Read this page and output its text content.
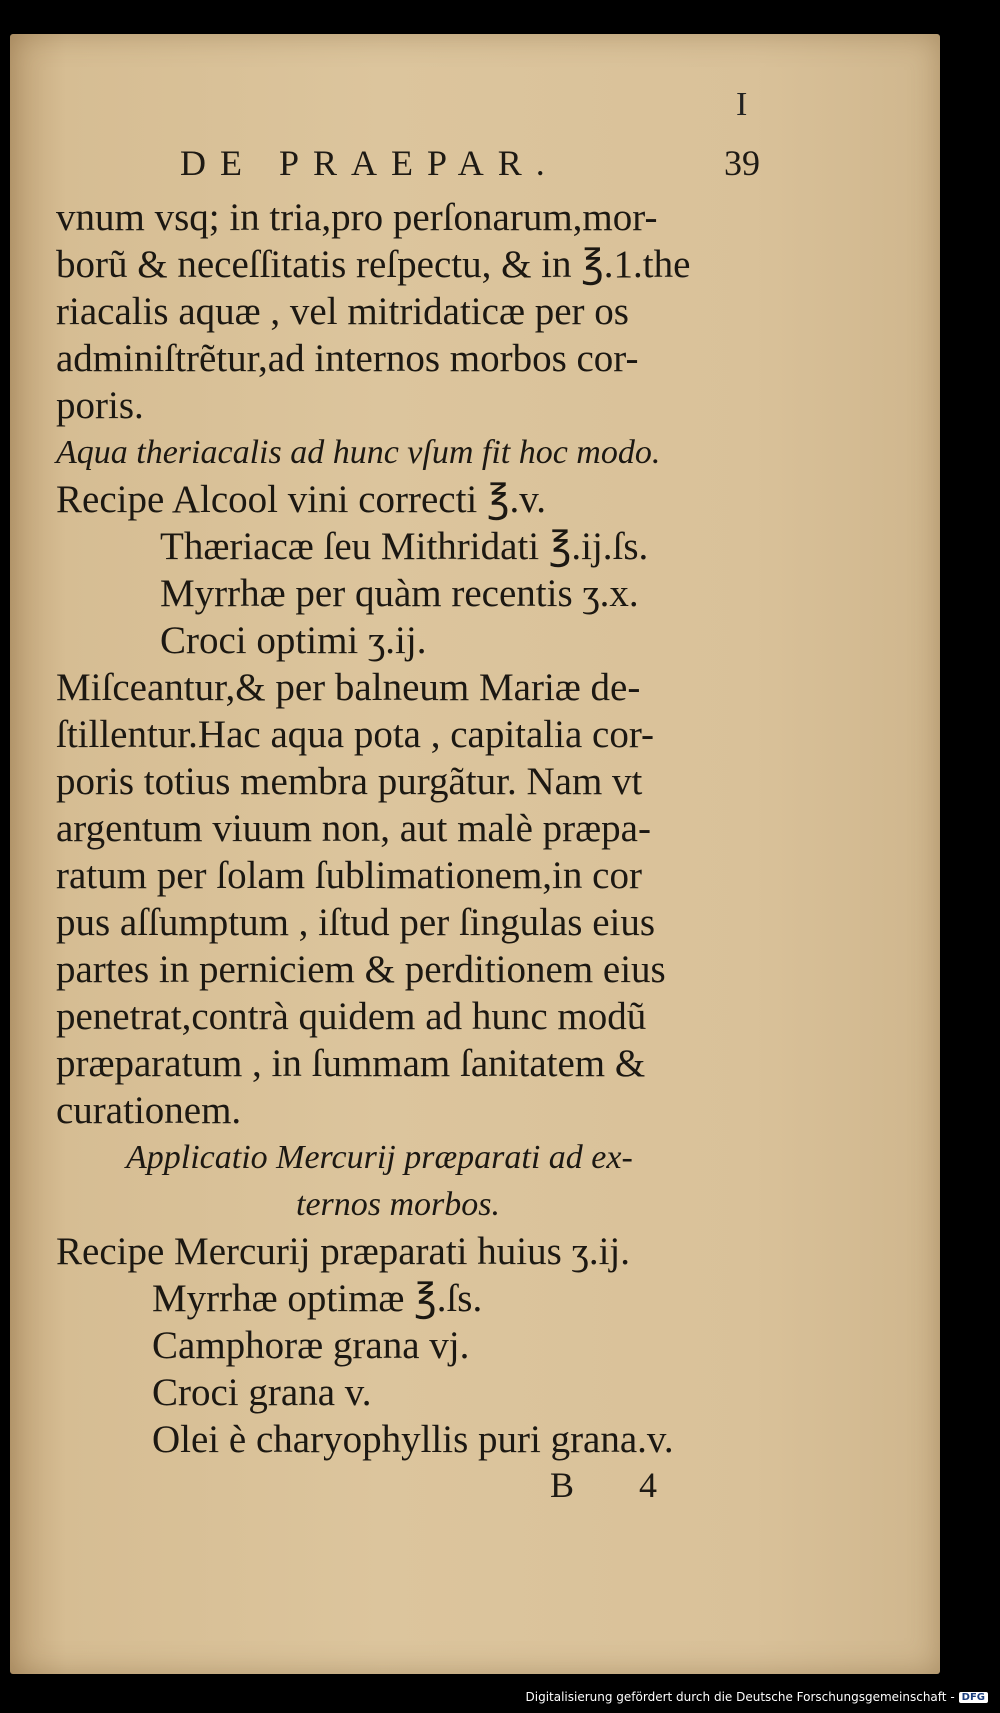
I
DE PRAEPAR.	39
vnum vsq; in tria,pro perſonarum,mor-
borũ & neceſſitatis reſpectu, & in ℥.1.the
riacalis aquæ , vel mitridaticæ per os
adminiſtrẽtur,ad internos morbos cor-
poris.
Aqua theriacalis ad hunc vſum fit hoc modo.
Recipe Alcool vini correcti ℥.v.
Thæriacæ ſeu Mithridati ℥.ij.ſs.
Myrrhæ per quàm recentis ʒ.x.
Croci optimi ʒ.ij.
Miſceantur,& per balneum Mariæ de-
ſtillentur.Hac aqua pota , capitalia cor-
poris totius membra purgãtur. Nam vt
argentum viuum non, aut malè præpa-
ratum per ſolam ſublimationem,in cor
pus aſſumptum , iſtud per ſingulas eius
partes in perniciem & perditionem eius
penetrat,contrà quidem ad hunc modũ
præparatum , in ſummam ſanitatem &
curationem.
Applicatio Mercurij præparati ad ex-
ternos morbos.
Recipe Mercurij præparati huius ʒ.ij.
Myrrhæ optimæ ℥.ſs.
Camphoræ grana vj.
Croci grana v.
Olei è charyophyllis puri grana.v.
B 4
Digitalisierung gefördert durch die Deutsche Forschungsgemeinschaft - DFG
